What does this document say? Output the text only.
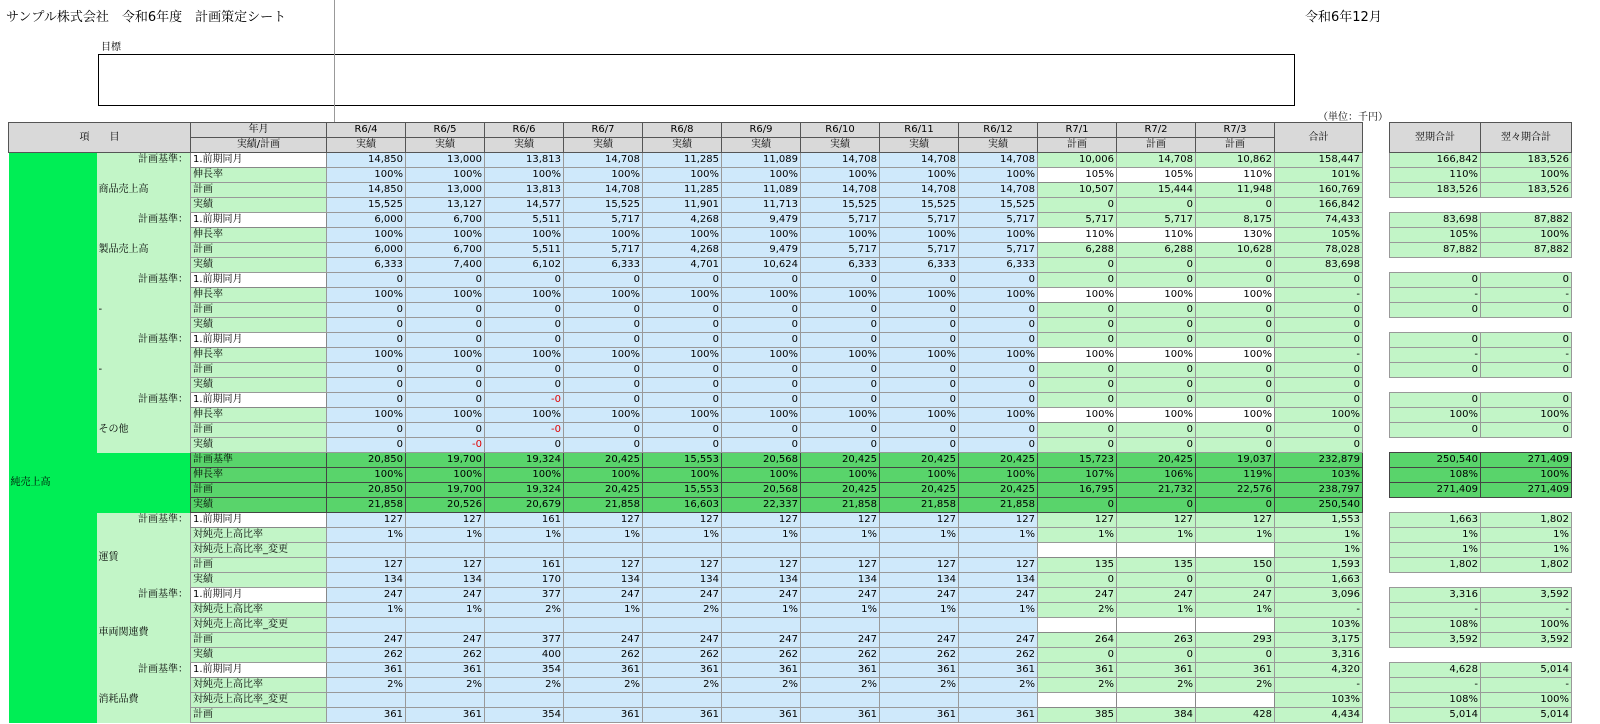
サンプル株式会社　令和6年度　計画策定シート	令和6年12月
目標
（単位：千円）
項　　目		年月	R6/4	R6/5	R6/6	R6/7	R6/8	R6/9	R6/10	R6/11	R6/12	R7/1	R7/2	R7/3	合計		翌期合計	翌々期合計
		実績/計画	実績	実績	実績	実績	実績	実績	実績	実績	実績	計画	計画	計画				
	計画基準：	1.前期同月	14,850	13,000	13,813	14,708	11,285	11,089	14,708	14,708	14,708	10,006	14,708	10,862	158,447		166,842	183,526
	商品売上高	伸長率	100%	100%	100%	100%	100%	100%	100%	100%	100%	105%	105%	110%	101%		110%	100%
		計画	14,850	13,000	13,813	14,708	11,285	11,089	14,708	14,708	14,708	10,507	15,444	11,948	160,769		183,526	183,526
		実績	15,525	13,127	14,577	15,525	11,901	11,713	15,525	15,525	15,525	0	0	0	166,842			
	計画基準：	1.前期同月	6,000	6,700	5,511	5,717	4,268	9,479	5,717	5,717	5,717	5,717	5,717	8,175	74,433		83,698	87,882
	製品売上高	伸長率	100%	100%	100%	100%	100%	100%	100%	100%	100%	110%	110%	130%	105%		105%	100%
		計画	6,000	6,700	5,511	5,717	4,268	9,479	5,717	5,717	5,717	6,288	6,288	10,628	78,028		87,882	87,882
		実績	6,333	7,400	6,102	6,333	4,701	10,624	6,333	6,333	6,333	0	0	0	83,698			
	計画基準：	1.前期同月	0	0	0	0	0	0	0	0	0	0	0	0	0		0	0
	-	伸長率	100%	100%	100%	100%	100%	100%	100%	100%	100%	100%	100%	100%	-		-	-
		計画	0	0	0	0	0	0	0	0	0	0	0	0	0		0	0
		実績	0	0	0	0	0	0	0	0	0	0	0	0	0			
	計画基準：	1.前期同月	0	0	0	0	0	0	0	0	0	0	0	0	0		0	0
	-	伸長率	100%	100%	100%	100%	100%	100%	100%	100%	100%	100%	100%	100%	-		-	-
		計画	0	0	0	0	0	0	0	0	0	0	0	0	0		0	0
		実績	0	0	0	0	0	0	0	0	0	0	0	0	0			
	計画基準：	1.前期同月	0	0	-0	0	0	0	0	0	0	0	0	0	0		0	0
	その他	伸長率	100%	100%	100%	100%	100%	100%	100%	100%	100%	100%	100%	100%	100%		100%	100%
		計画	0	0	-0	0	0	0	0	0	0	0	0	0	0		0	0
		実績	0	-0	0	0	0	0	0	0	0	0	0	0	0			
純売上高		計画基準	20,850	19,700	19,324	20,425	15,553	20,568	20,425	20,425	20,425	15,723	20,425	19,037	232,879		250,540	271,409
		伸長率	100%	100%	100%	100%	100%	100%	100%	100%	100%	107%	106%	119%	103%		108%	100%
		計画	20,850	19,700	19,324	20,425	15,553	20,568	20,425	20,425	20,425	16,795	21,732	22,576	238,797		271,409	271,409
		実績	21,858	20,526	20,679	21,858	16,603	22,337	21,858	21,858	21,858	0	0	0	250,540			
	計画基準：	1.前期同月	127	127	161	127	127	127	127	127	127	127	127	127	1,553		1,663	1,802
	運賃	対純売上高比率	1%	1%	1%	1%	1%	1%	1%	1%	1%	1%	1%	1%	1%		1%	1%
		対純売上高比率_変更													1%		1%	1%
		計画	127	127	161	127	127	127	127	127	127	135	135	150	1,593		1,802	1,802
		実績	134	134	170	134	134	134	134	134	134	0	0	0	1,663			
	計画基準：	1.前期同月	247	247	377	247	247	247	247	247	247	247	247	247	3,096		3,316	3,592
	車両関連費	対純売上高比率	1%	1%	2%	1%	2%	1%	1%	1%	1%	2%	1%	1%	-		-	-
		対純売上高比率_変更													103%		108%	100%
		計画	247	247	377	247	247	247	247	247	247	264	263	293	3,175		3,592	3,592
		実績	262	262	400	262	262	262	262	262	262	0	0	0	3,316			
	計画基準：	1.前期同月	361	361	354	361	361	361	361	361	361	361	361	361	4,320		4,628	5,014
	消耗品費	対純売上高比率	2%	2%	2%	2%	2%	2%	2%	2%	2%	2%	2%	2%	-		-	-
		対純売上高比率_変更													103%		108%	100%
		計画	361	361	354	361	361	361	361	361	361	385	384	428	4,434		5,014	5,014
